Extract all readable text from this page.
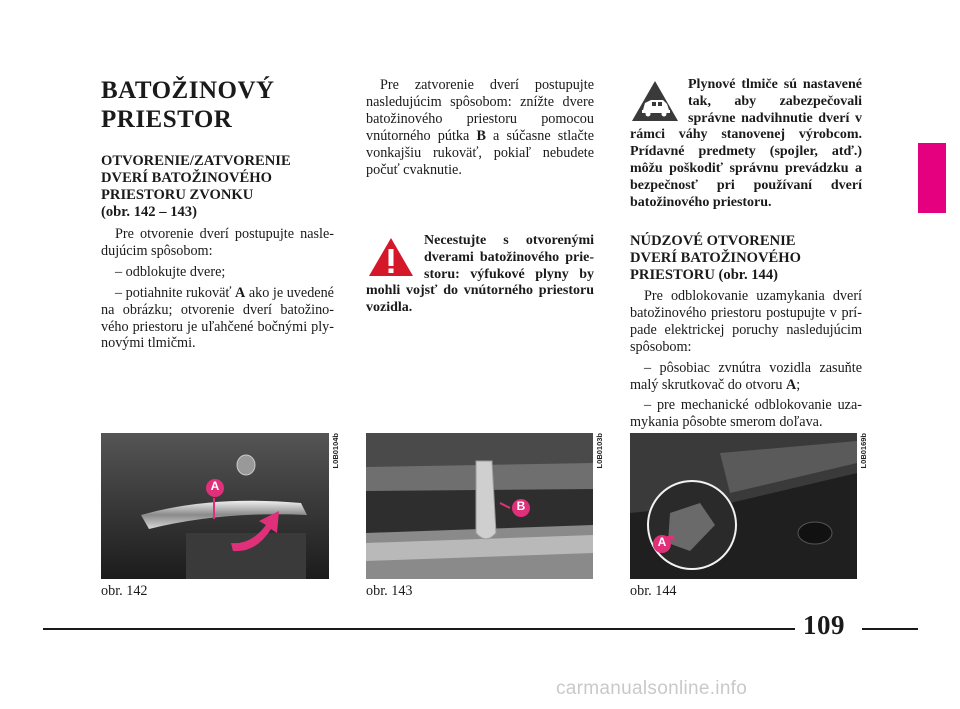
BATOŽINOVÝ
PRIESTOR
OTVORENIE/ZATVORENIE
DVERÍ BATOŽINOVÉHO
PRIESTORU ZVONKU
(obr. 142 – 143)

Pre otvorenie dverí postupujte nasledujúcim spôsobom:

– odblokujte dvere;

– potiahnite rukoväť A ako je uvedené na obrázku; otvorenie dverí batožinového priestoru je uľahčené bočnými plynovými tlmičmi.

Pre zatvorenie dverí postupujte nasledujúcim spôsobom: znížte dvere batožinového priestoru pomocou vnútorného pútka B a súčasne stlačte vonkajšiu rukoväť, pokiaľ nebudete počuť cvaknutie.

Necestujte s otvorenými dverami batožinového priestoru: výfukové plyny by mohli vojsť do vnútorného priestoru vozidla.
Plynové tlmiče sú nastavené tak, aby zabezpečovali správne nadvihnutie dverí v rámci váhy stanovenej výrobcom. Prídavné predmety (spojler, atď.) môžu poškodiť správnu prevádzku a bezpečnosť pri používaní dverí batožinového priestoru.
NÚDZOVÉ OTVORENIE
DVERÍ BATOŽINOVÉHO
PRIESTORU (obr. 144)

Pre odblokovanie uzamykania dverí batožinového priestoru postupujte v prípade elektrickej poruchy nasledujúcim spôsobom:

– pôsobiac zvnútra vozidla zasuňte malý skrutkovač do otvoru A;

– pre mechanické odblokovanie uzamykania pôsobte smerom doľava.

A
L0B0104b
obr. 142
B
L0B0103b
obr. 143
A
L0B0169b
obr. 144
109
carmanualsonline.info
